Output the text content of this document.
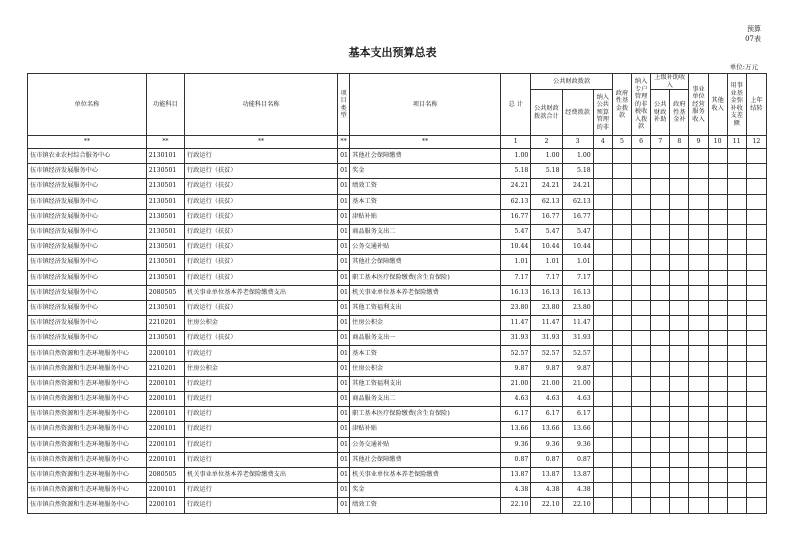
预算
07表
基本支出预算总表
单位:万元
单位名称	功能科目	功能科目名称	项目类型	项目名称	总 计	公共财政拨款			政府性基金拨款	纳入专户管理的非税收入拨款	上级补助收入		事业单位经营服务收入	其他收入	用事业基金弥补收支差额	上年结转
						公共财政拨款合计	经费拨款	纳入公共预算管理的非			公共财政补助	政府性基金补				
**	**	**	**	**	1	2	3	4	5	6	7	8	9	10	11	12
伍市镇农业农村综合服务中心	2130101	行政运行	01	其他社会保障缴费	1.00	1.00	1.00									
伍市镇经济发展服务中心	2130501	行政运行（扶贫）	01	奖金	5.18	5.18	5.18									
伍市镇经济发展服务中心	2130501	行政运行（扶贫）	01	绩效工资	24.21	24.21	24.21									
伍市镇经济发展服务中心	2130501	行政运行（扶贫）	01	基本工资	62.13	62.13	62.13									
伍市镇经济发展服务中心	2130501	行政运行（扶贫）	01	津贴补贴	16.77	16.77	16.77									
伍市镇经济发展服务中心	2130501	行政运行（扶贫）	01	商品服务支出二	5.47	5.47	5.47									
伍市镇经济发展服务中心	2130501	行政运行（扶贫）	01	公务交通补贴	10.44	10.44	10.44									
伍市镇经济发展服务中心	2130501	行政运行（扶贫）	01	其他社会保障缴费	1.01	1.01	1.01									
伍市镇经济发展服务中心	2130501	行政运行（扶贫）	01	职工基本医疗保险缴费(含生育保险)	7.17	7.17	7.17									
伍市镇经济发展服务中心	2080505	机关事业单位基本养老保险缴费支出	01	机关事业单位基本养老保险缴费	16.13	16.13	16.13									
伍市镇经济发展服务中心	2130501	行政运行（扶贫）	01	其他工资福利支出	23.80	23.80	23.80									
伍市镇经济发展服务中心	2210201	住房公积金	01	住房公积金	11.47	11.47	11.47									
伍市镇经济发展服务中心	2130501	行政运行（扶贫）	01	商品服务支出一	31.93	31.93	31.93									
伍市镇自然资源和生态环境服务中心	2200101	行政运行	01	基本工资	52.57	52.57	52.57									
伍市镇自然资源和生态环境服务中心	2210201	住房公积金	01	住房公积金	9.87	9.87	9.87									
伍市镇自然资源和生态环境服务中心	2200101	行政运行	01	其他工资福利支出	21.00	21.00	21.00									
伍市镇自然资源和生态环境服务中心	2200101	行政运行	01	商品服务支出二	4.63	4.63	4.63									
伍市镇自然资源和生态环境服务中心	2200101	行政运行	01	职工基本医疗保险缴费(含生育保险)	6.17	6.17	6.17									
伍市镇自然资源和生态环境服务中心	2200101	行政运行	01	津贴补贴	13.66	13.66	13.66									
伍市镇自然资源和生态环境服务中心	2200101	行政运行	01	公务交通补贴	9.36	9.36	9.36									
伍市镇自然资源和生态环境服务中心	2200101	行政运行	01	其他社会保障缴费	0.87	0.87	0.87									
伍市镇自然资源和生态环境服务中心	2080505	机关事业单位基本养老保险缴费支出	01	机关事业单位基本养老保险缴费	13.87	13.87	13.87									
伍市镇自然资源和生态环境服务中心	2200101	行政运行	01	奖金	4.38	4.38	4.38									
伍市镇自然资源和生态环境服务中心	2200101	行政运行	01	绩效工资	22.10	22.10	22.10									
